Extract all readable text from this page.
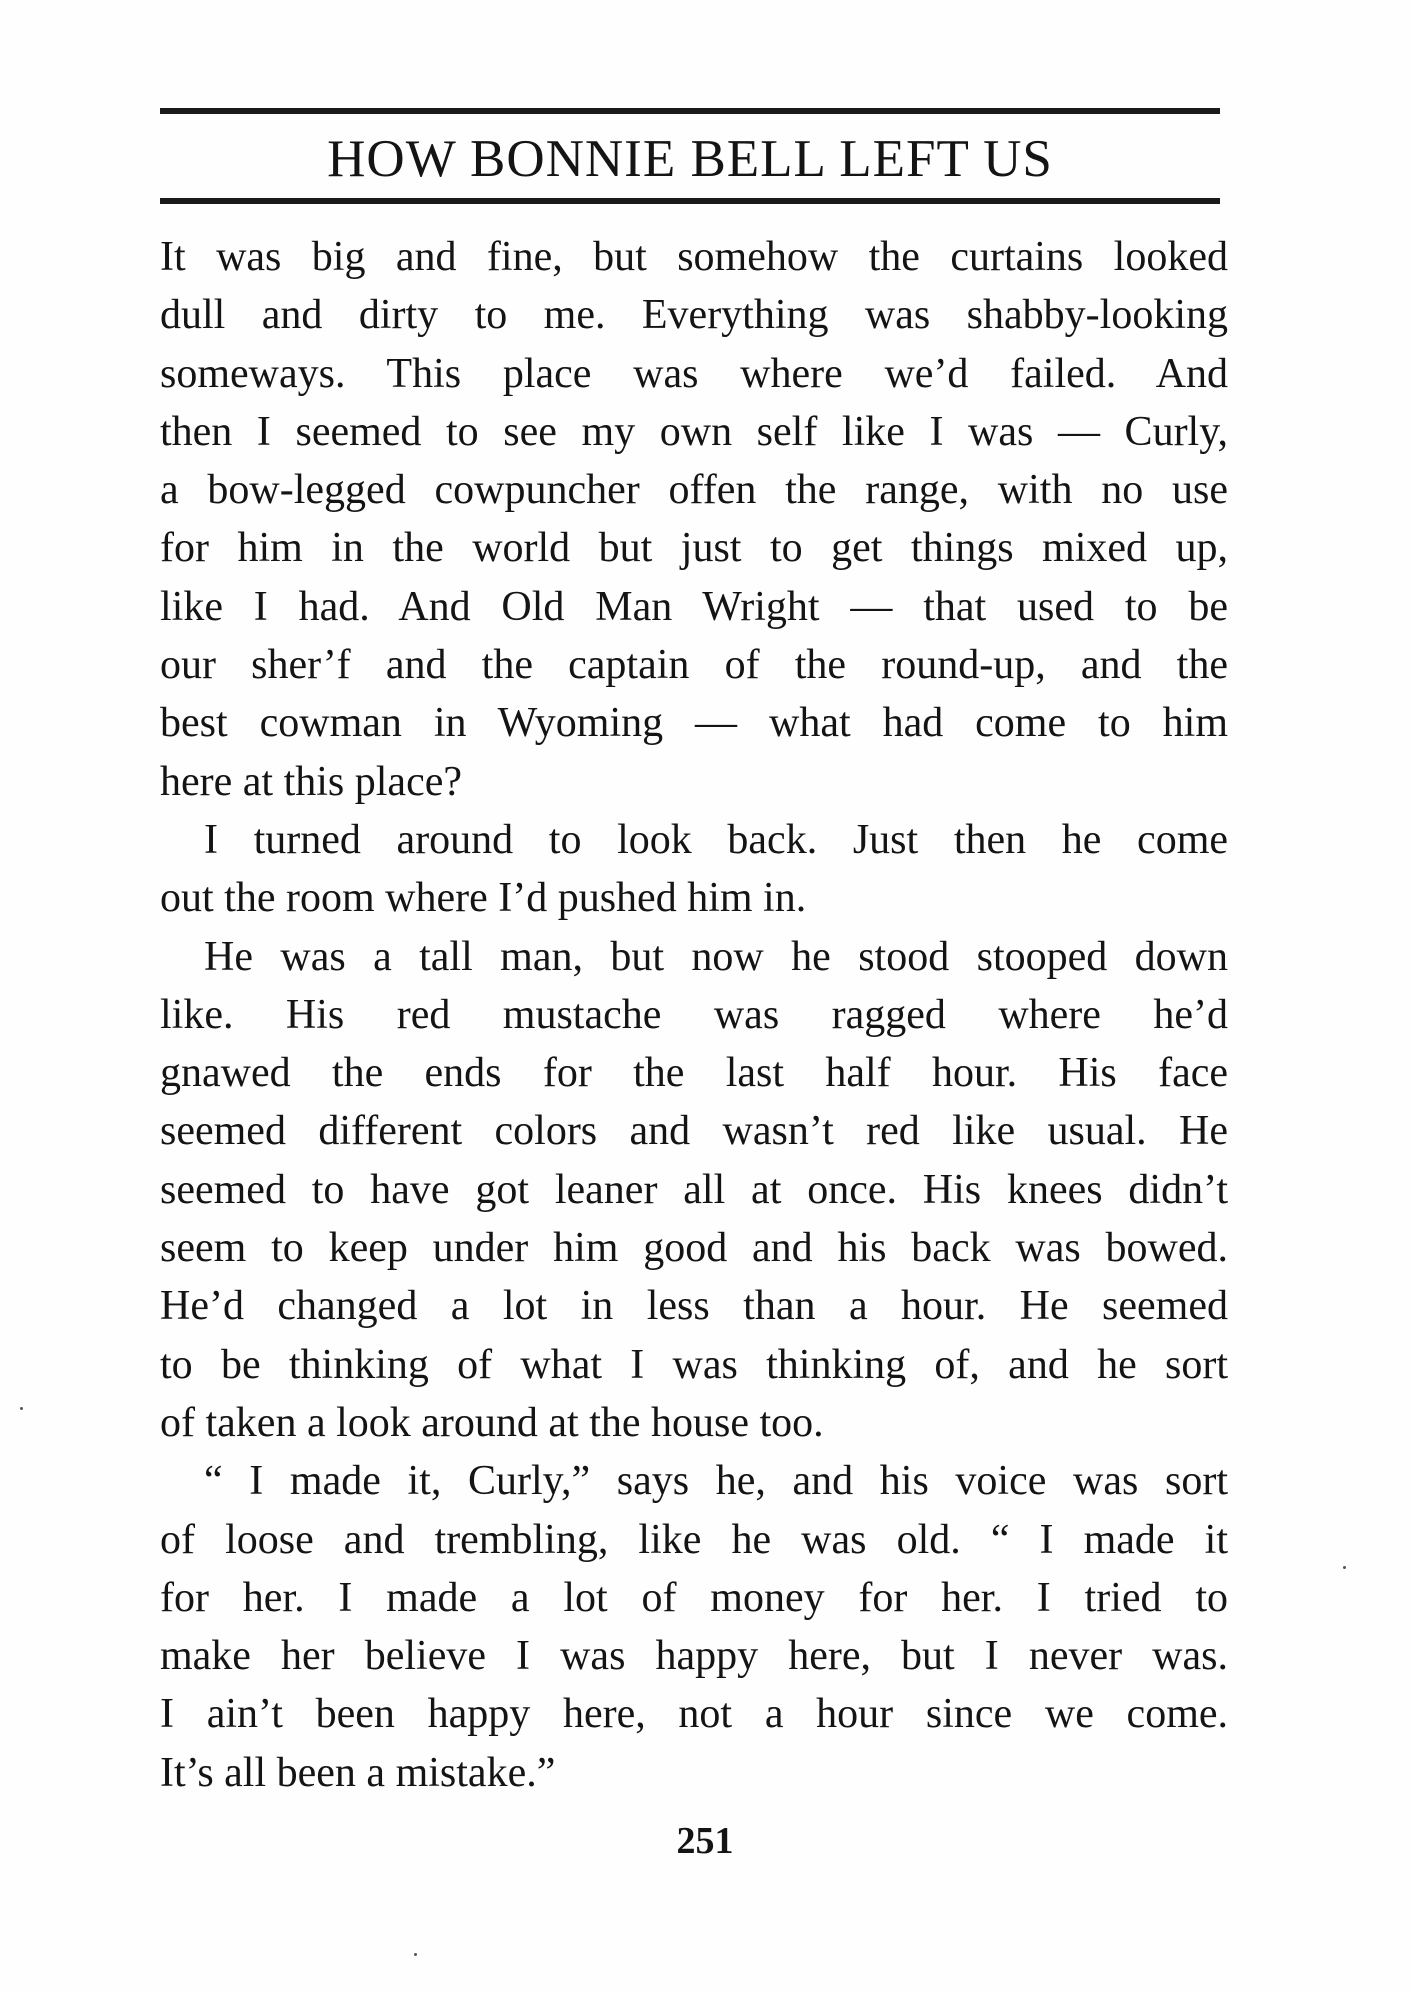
HOW BONNIE BELL LEFT US
It was big and fine, but somehow the curtains looked
dull and dirty to me. Everything was shabby-looking
someways. This place was where we’d failed. And
then I seemed to see my own self like I was — Curly,
a bow-legged cowpuncher offen the range, with no use
for him in the world but just to get things mixed up,
like I had. And Old Man Wright — that used to be
our sher’f and the captain of the round-up, and the
best cowman in Wyoming — what had come to him
here at this place?
I turned around to look back. Just then he come
out the room where I’d pushed him in.
He was a tall man, but now he stood stooped down
like. His red mustache was ragged where he’d
gnawed the ends for the last half hour. His face
seemed different colors and wasn’t red like usual. He
seemed to have got leaner all at once. His knees didn’t
seem to keep under him good and his back was bowed.
He’d changed a lot in less than a hour. He seemed
to be thinking of what I was thinking of, and he sort
of taken a look around at the house too.
“ I made it, Curly,” says he, and his voice was sort
of loose and trembling, like he was old. “ I made it
for her. I made a lot of money for her. I tried to
make her believe I was happy here, but I never was.
I ain’t been happy here, not a hour since we come.
It’s all been a mistake.”
251
